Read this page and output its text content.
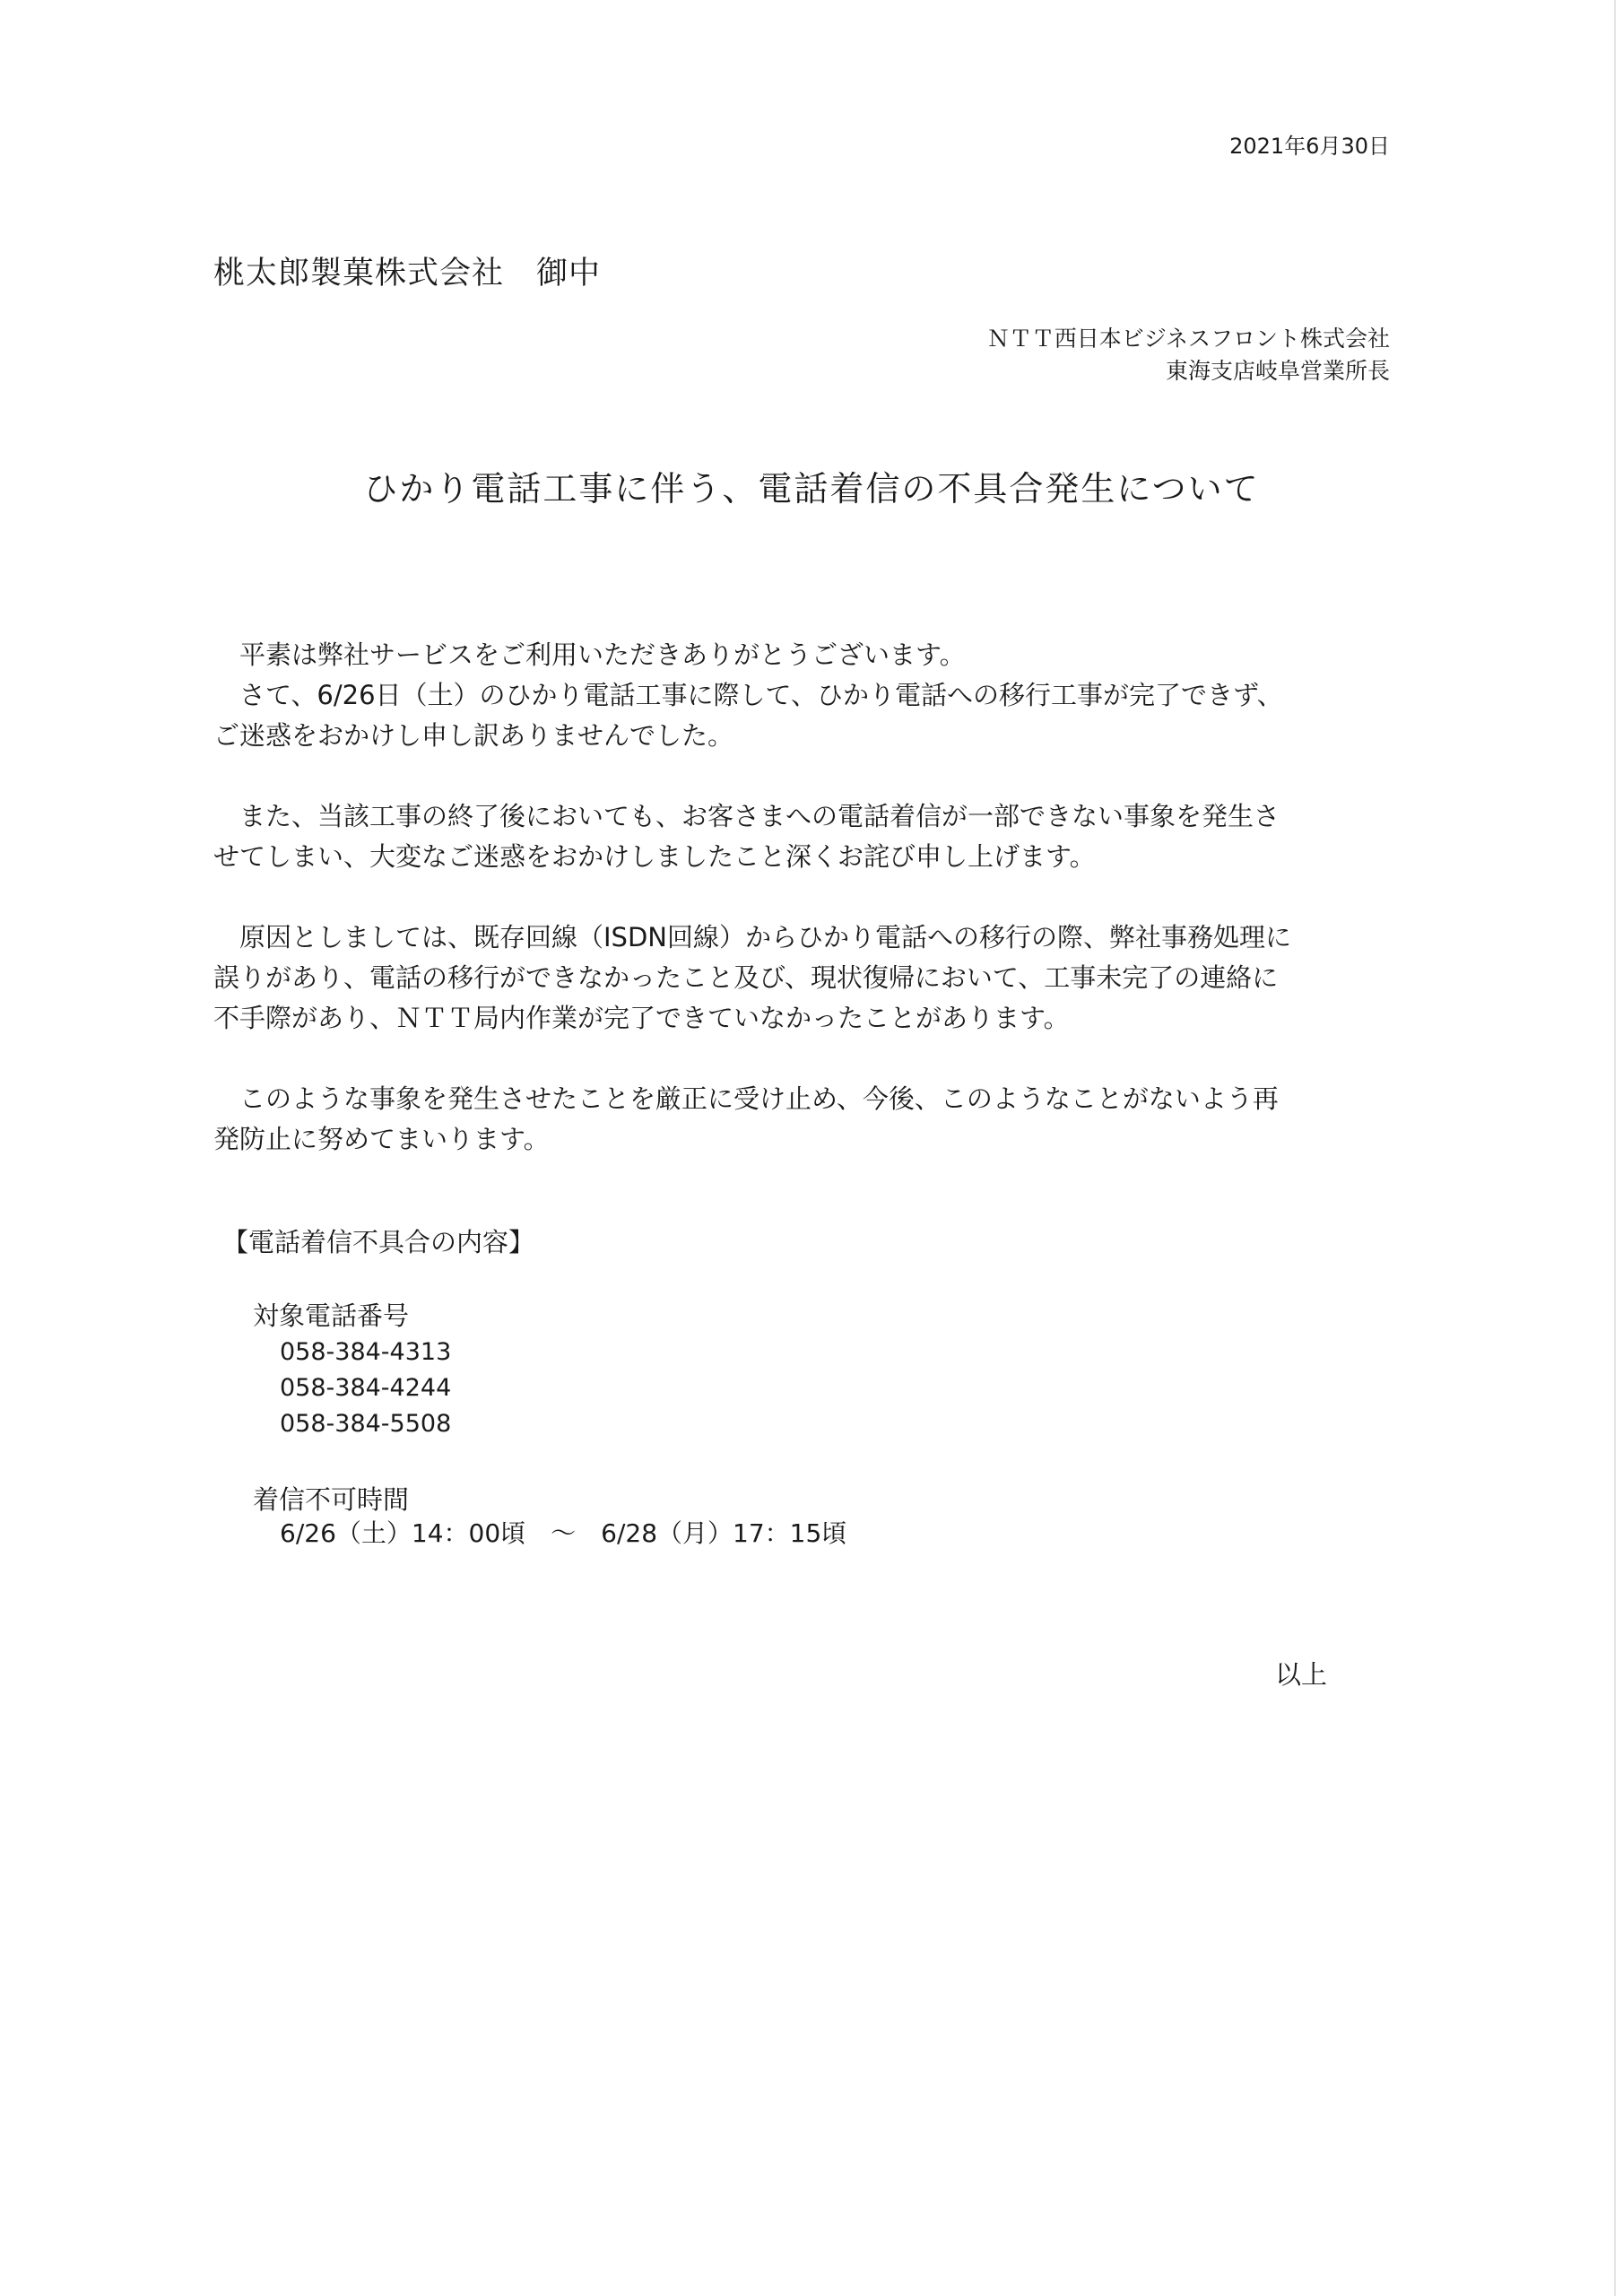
2021年6月30日
桃太郎製菓株式会社　御中
ＮＴＴ西日本ビジネスフロント株式会社
東海支店岐阜営業所長
ひかり電話工事に伴う、電話着信の不具合発生について

平素は弊社サービスをご利用いただきありがとうございます。
さて、6/26日（土）のひかり電話工事に際して、ひかり電話への移行工事が完了できず、
ご迷惑をおかけし申し訳ありませんでした。

また、当該工事の終了後においても、お客さまへの電話着信が一部できない事象を発生さ
せてしまい、大変なご迷惑をおかけしましたこと深くお詫び申し上げます。

原因としましては、既存回線（ISDN回線）からひかり電話への移行の際、弊社事務処理に
誤りがあり、電話の移行ができなかったこと及び、現状復帰において、工事未完了の連絡に
不手際があり、ＮＴＴ局内作業が完了できていなかったことがあります。

このような事象を発生させたことを厳正に受け止め、今後、このようなことがないよう再
発防止に努めてまいります。

【電話着信不具合の内容】
対象電話番号
058-384-4313
058-384-4244
058-384-5508
着信不可時間
6/26（土）14：00頃　～　6/28（月）17：15頃
以上
